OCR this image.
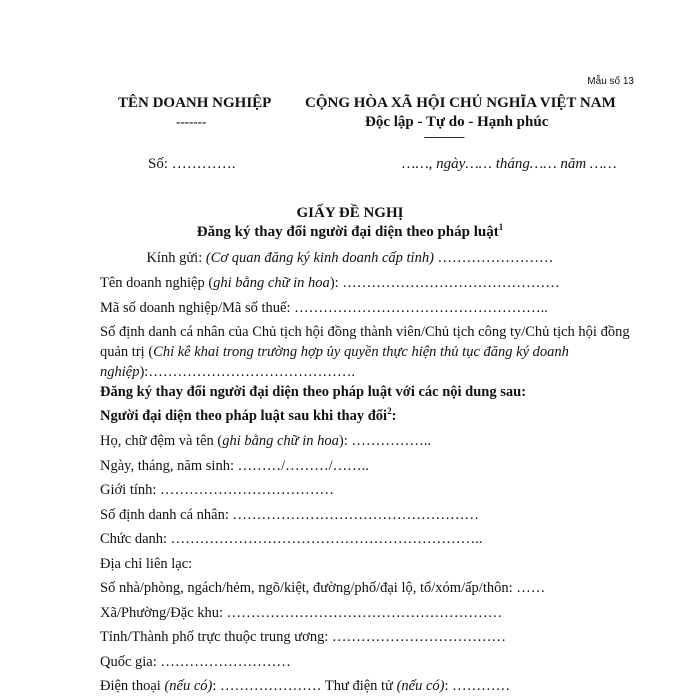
Mẫu số 13
TÊN DOANH NGHIỆP
-------
CỘNG HÒA XÃ HỘI CHỦ NGHĨA VIỆT NAM
Độc lập - Tự do - Hạnh phúc
---------------
Số: ………….	……, ngày…… tháng…… năm ……
GIẤY ĐỀ NGHỊ
Đăng ký thay đổi người đại diện theo pháp luật$^1$
Kính gửi: (Cơ quan đăng ký kinh doanh cấp tỉnh) ……………………
Tên doanh nghiệp (ghi bằng chữ in hoa): ………………………………………
Mã số doanh nghiệp/Mã số thuế: ……………………………………………..
Số định danh cá nhân của Chủ tịch hội đồng thành viên/Chủ tịch công ty/Chủ tịch hội đồng quản trị (Chỉ kê khai trong trường hợp ủy quyền thực hiện thủ tục đăng ký doanh nghiệp):…………………………………….
Đăng ký thay đổi người đại diện theo pháp luật với các nội dung sau:
Người đại diện theo pháp luật sau khi thay đổi$^2$:
Họ, chữ đệm và tên (ghi bằng chữ in hoa): ……………..
Ngày, tháng, năm sinh: ………/………/……..
Giới tính: ………………………………
Số định danh cá nhân: ……………………………………………
Chức danh: ………………………………………………………..
Địa chỉ liên lạc:
Số nhà/phòng, ngách/hẻm, ngõ/kiệt, đường/phố/đại lộ, tổ/xóm/ấp/thôn: ……
Xã/Phường/Đặc khu: …………………………………………………
Tỉnh/Thành phố trực thuộc trung ương: ………………………………
Quốc gia: ………………………
Điện thoại (nếu có): ………………… Thư điện tử (nếu có): …………
